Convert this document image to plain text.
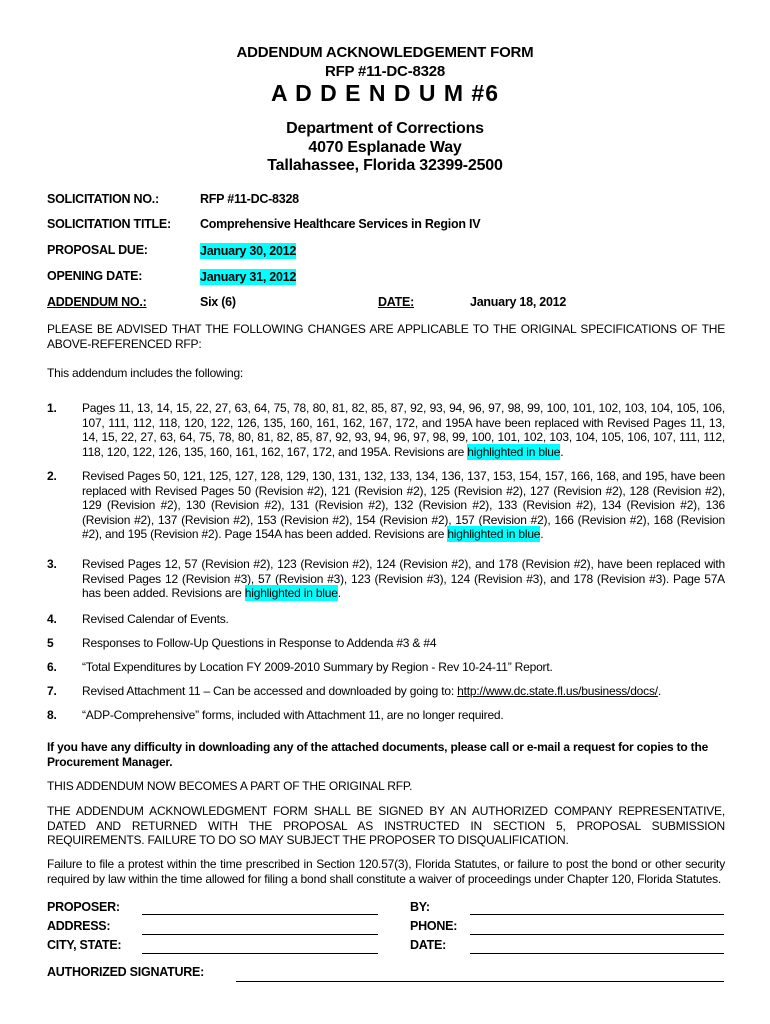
ADDENDUM ACKNOWLEDGEMENT FORM
RFP #11-DC-8328
A D D E N D U M #6
Department of Corrections
4070 Esplanade Way
Tallahassee, Florida 32399-2500
SOLICITATION NO.:	RFP #11-DC-8328
SOLICITATION TITLE: Comprehensive Healthcare Services in Region IV
PROPOSAL DUE:	January 30, 2012
OPENING DATE:	January 31, 2012
ADDENDUM NO.:	Six (6)	DATE:	January 18, 2012
PLEASE BE ADVISED THAT THE FOLLOWING CHANGES ARE APPLICABLE TO THE ORIGINAL SPECIFICATIONS OF THE ABOVE-REFERENCED RFP:
This addendum includes the following:
1. Pages 11, 13, 14, 15, 22, 27, 63, 64, 75, 78, 80, 81, 82, 85, 87, 92, 93, 94, 96, 97, 98, 99, 100, 101, 102, 103, 104, 105, 106, 107, 111, 112, 118, 120, 122, 126, 135, 160, 161, 162, 167, 172, and 195A have been replaced with Revised Pages 11, 13, 14, 15, 22, 27, 63, 64, 75, 78, 80, 81, 82, 85, 87, 92, 93, 94, 96, 97, 98, 99, 100, 101, 102, 103, 104, 105, 106, 107, 111, 112, 118, 120, 122, 126, 135, 160, 161, 162, 167, 172, and 195A. Revisions are highlighted in blue.
2. Revised Pages 50, 121, 125, 127, 128, 129, 130, 131, 132, 133, 134, 136, 137, 153, 154, 157, 166, 168, and 195, have been replaced with Revised Pages 50 (Revision #2), 121 (Revision #2), 125 (Revision #2), 127 (Revision #2), 128 (Revision #2), 129 (Revision #2), 130 (Revision #2), 131 (Revision #2), 132 (Revision #2), 133 (Revision #2), 134 (Revision #2), 136 (Revision #2), 137 (Revision #2), 153 (Revision #2), 154 (Revision #2), 157 (Revision #2), 166 (Revision #2), 168 (Revision #2), and 195 (Revision #2). Page 154A has been added. Revisions are highlighted in blue.
3. Revised Pages 12, 57 (Revision #2), 123 (Revision #2), 124 (Revision #2), and 178 (Revision #2), have been replaced with Revised Pages 12 (Revision #3), 57 (Revision #3), 123 (Revision #3), 124 (Revision #3), and 178 (Revision #3). Page 57A has been added. Revisions are highlighted in blue.
4. Revised Calendar of Events.
5 Responses to Follow-Up Questions in Response to Addenda #3 & #4
6. “Total Expenditures by Location FY 2009-2010 Summary by Region - Rev 10-24-11” Report.
7. Revised Attachment 11 – Can be accessed and downloaded by going to: http://www.dc.state.fl.us/business/docs/.
8. “ADP-Comprehensive” forms, included with Attachment 11, are no longer required.
If you have any difficulty in downloading any of the attached documents, please call or e-mail a request for copies to the Procurement Manager.
THIS ADDENDUM NOW BECOMES A PART OF THE ORIGINAL RFP.
THE ADDENDUM ACKNOWLEDGMENT FORM SHALL BE SIGNED BY AN AUTHORIZED COMPANY REPRESENTATIVE, DATED AND RETURNED WITH THE PROPOSAL AS INSTRUCTED IN SECTION 5, PROPOSAL SUBMISSION REQUIREMENTS. FAILURE TO DO SO MAY SUBJECT THE PROPOSER TO DISQUALIFICATION.
Failure to file a protest within the time prescribed in Section 120.57(3), Florida Statutes, or failure to post the bond or other security required by law within the time allowed for filing a bond shall constitute a waiver of proceedings under Chapter 120, Florida Statutes.
PROPOSER:
ADDRESS:
CITY, STATE:
BY:
PHONE:
DATE:
AUTHORIZED SIGNATURE:
